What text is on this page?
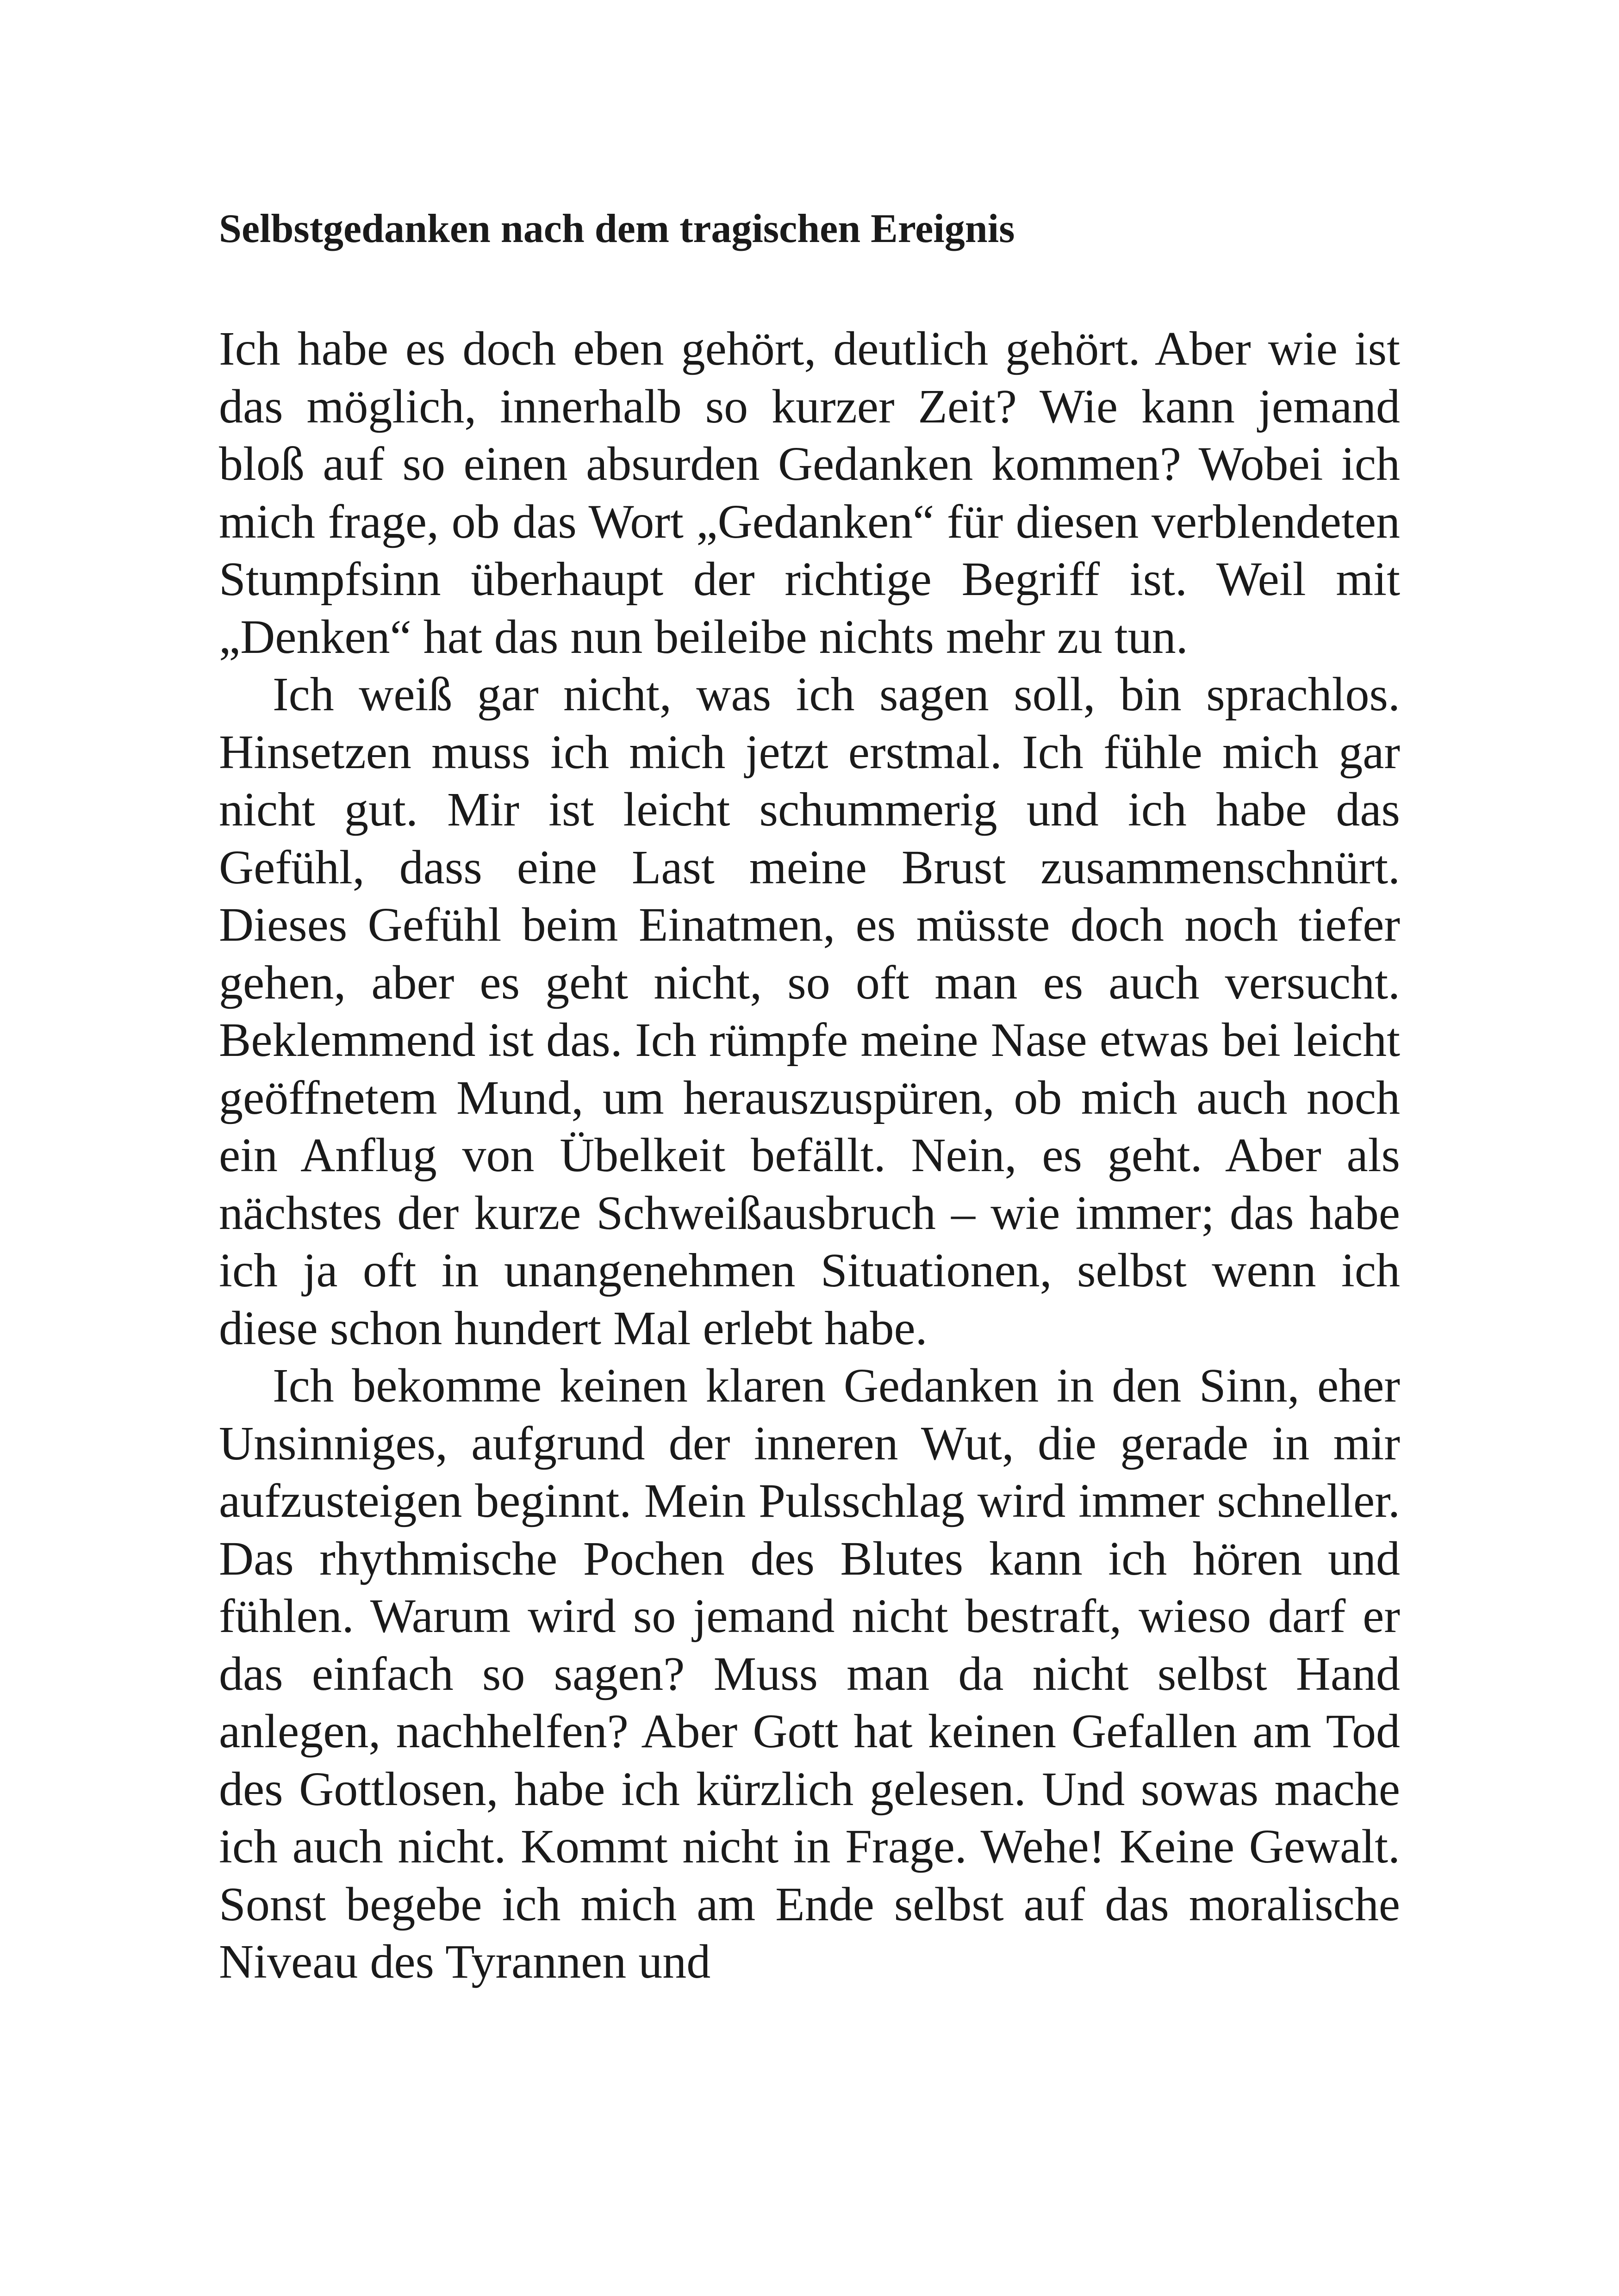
Selbstgedanken nach dem tragischen Ereignis

Ich habe es doch eben gehört, deutlich gehört. Aber wie ist das möglich, innerhalb so kurzer Zeit? Wie kann jemand bloß auf so einen absurden Gedanken kommen? Wobei ich mich frage, ob das Wort „Gedanken“ für diesen verblendeten Stumpfsinn überhaupt der richtige Begriff ist. Weil mit „Denken“ hat das nun beileibe nichts mehr zu tun.

Ich weiß gar nicht, was ich sagen soll, bin sprachlos. Hinsetzen muss ich mich jetzt erstmal. Ich fühle mich gar nicht gut. Mir ist leicht schummerig und ich habe das Gefühl, dass eine Last meine Brust zusammenschnürt. Dieses Gefühl beim Einatmen, es müsste doch noch tiefer gehen, aber es geht nicht, so oft man es auch versucht. Beklemmend ist das. Ich rümpfe meine Nase etwas bei leicht geöffnetem Mund, um herauszuspüren, ob mich auch noch ein Anflug von Übelkeit befällt. Nein, es geht. Aber als nächstes der kurze Schweißausbruch – wie immer; das habe ich ja oft in unangenehmen Situationen, selbst wenn ich diese schon hundert Mal erlebt habe.

Ich bekomme keinen klaren Gedanken in den Sinn, eher Unsinniges, aufgrund der inneren Wut, die gerade in mir aufzusteigen beginnt. Mein Pulsschlag wird immer schneller. Das rhythmische Pochen des Blutes kann ich hören und fühlen. Warum wird so jemand nicht bestraft, wieso darf er das einfach so sagen? Muss man da nicht selbst Hand anlegen, nachhelfen? Aber Gott hat keinen Gefallen am Tod des Gottlosen, habe ich kürzlich gelesen. Und sowas mache ich auch nicht. Kommt nicht in Frage. Wehe! Keine Gewalt. Sonst begebe ich mich am Ende selbst auf das moralische Niveau des Tyrannen und
